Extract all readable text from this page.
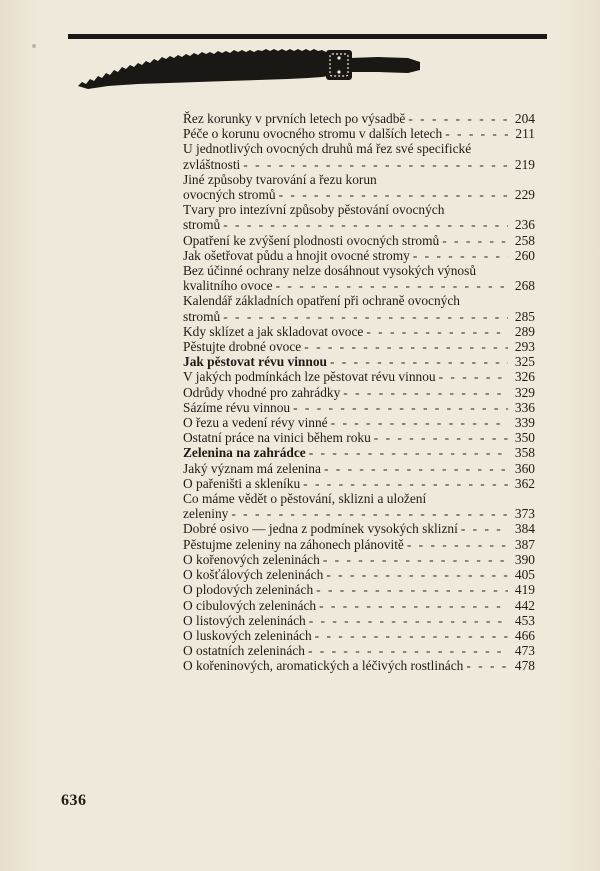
Řez korunky v prvních letech po výsadbě - - -	204
Péče o korunu ovocného stromu v dalších letech - - -	211
U jednotlivých ovocných druhů má řez své specifické
zvláštnosti - - -	219
Jiné způsoby tvarování a řezu korun
ovocných stromů - - -	229
Tvary pro intezívní způsoby pěstování ovocných
stromů - - -	236
Opatření ke zvýšení plodnosti ovocných stromů - - -	258
Jak ošetřovat půdu a hnojit ovocné stromy - - -	260
Bez účinné ochrany nelze dosáhnout vysokých výnosů
kvalitního ovoce - - -	268
Kalendář základních opatření při ochraně ovocných
stromů - - -	285
Kdy sklízet a jak skladovat ovoce - - -	289
Pěstujte drobné ovoce - - -	293
Jak pěstovat révu vinnou - - -	325
V jakých podmínkách lze pěstovat révu vinnou - - -	326
Odrůdy vhodné pro zahrádky - - -	329
Sázíme révu vinnou - - -	336
O řezu a vedení révy vinné - - -	339
Ostatní práce na vinici během roku - - -	350
Zelenina na zahrádce - - -	358
Jaký význam má zelenina - - -	360
O pařeništi a skleníku - - -	362
Co máme vědět o pěstování, sklizni a uložení
zeleniny - - -	373
Dobré osivo — jedna z podmínek vysokých sklizní - - -	384
Pěstujme zeleniny na záhonech plánovitě - - -	387
O kořenových zeleninách - - -	390
O košťálových zeleninách - - -	405
O plodových zeleninách - - -	419
O cibulových zeleninách - - -	442
O listových zeleninách - - -	453
O luskových zeleninách - - -	466
O ostatních zeleninách - - -	473
O kořeninových, aromatických a léčivých rostlinách - - -	478
636
